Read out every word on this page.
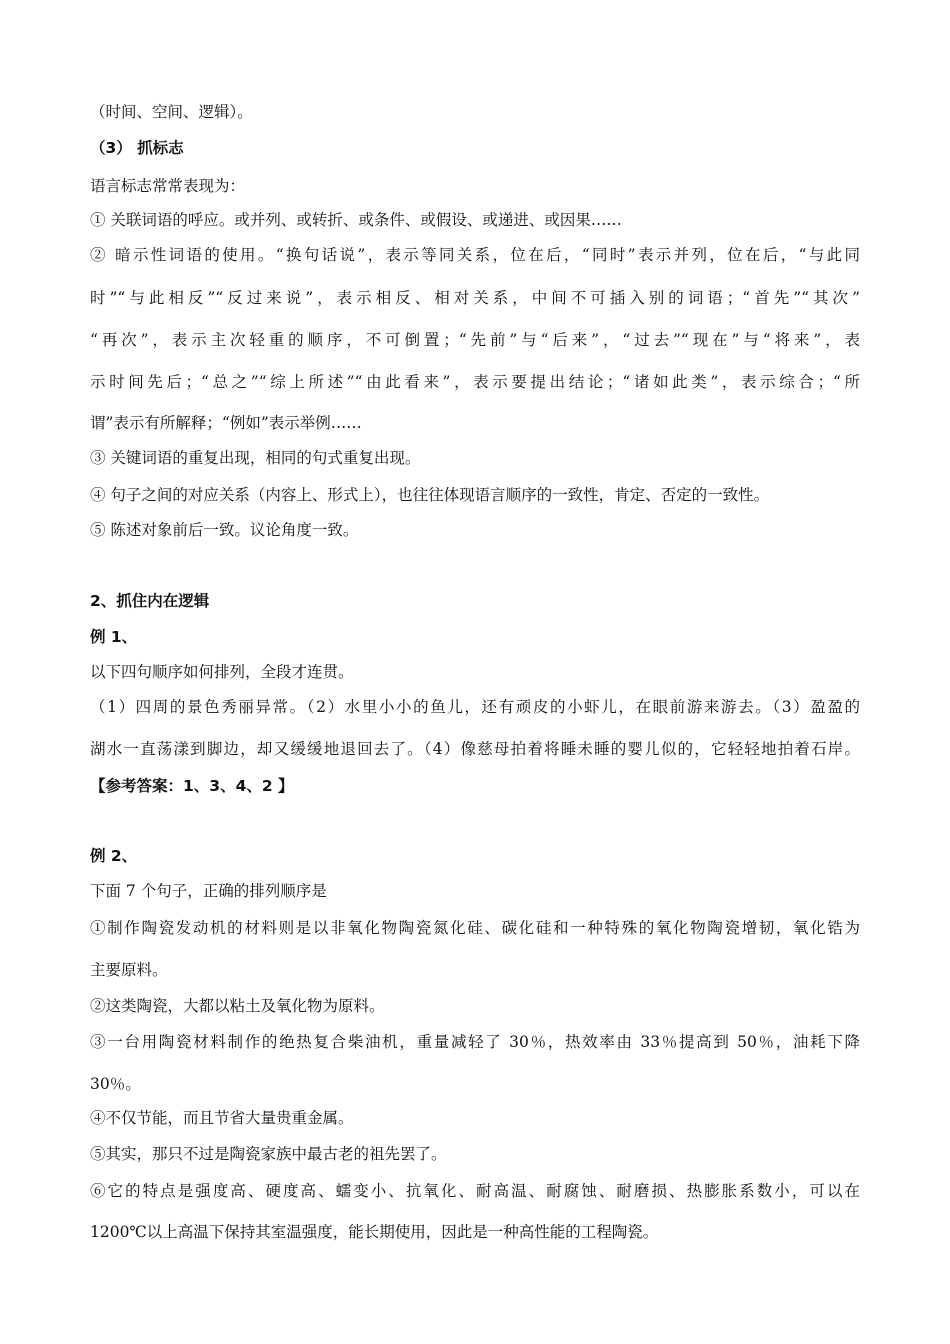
（时间、空间、逻辑）。
（3） 抓标志
语言标志常常表现为：
① 关联词语的呼应。或并列、或转折、或条件、或假设、或递进、或因果……
② 暗示性词语的使用。“换句话说”，表示等同关系，位在后，“同时”表示并列，位在后，“与此同
时”“与此相反”“反过来说”，表示相反、相对关系，中间不可插入别的词语；“首先”“其次”
“再次”，表示主次轻重的顺序，不可倒置；“先前”与“后来”，“过去”“现在”与“将来”，表
示时间先后；“总之”“综上所述”“由此看来”，表示要提出结论；“诸如此类”，表示综合；“所
谓”表示有所解释；“例如”表示举例……
③ 关键词语的重复出现，相同的句式重复出现。
④ 句子之间的对应关系（内容上、形式上），也往往体现语言顺序的一致性，肯定、否定的一致性。
⑤ 陈述对象前后一致。议论角度一致。
2、抓住内在逻辑
例 1、
以下四句顺序如何排列，全段才连贯。
（1）四周的景色秀丽异常。（2）水里小小的鱼儿，还有顽皮的小虾儿，在眼前游来游去。（3）盈盈的
湖水一直荡漾到脚边，却又缓缓地退回去了。（4）像慈母拍着将睡未睡的婴儿似的，它轻轻地拍着石岸。
【参考答案：1、3、4、2 】
例 2、
下面 7 个句子，正确的排列顺序是
①制作陶瓷发动机的材料则是以非氧化物陶瓷氮化硅、碳化硅和一种特殊的氧化物陶瓷增韧，氧化锆为
主要原料。
②这类陶瓷，大都以粘土及氧化物为原料。
③一台用陶瓷材料制作的绝热复合柴油机，重量减轻了 30％，热效率由 33％提高到 50％，油耗下降
30％。
④不仅节能，而且节省大量贵重金属。
⑤其实，那只不过是陶瓷家族中最古老的祖先罢了。
⑥它的特点是强度高、硬度高、蠕变小、抗氧化、耐高温、耐腐蚀、耐磨损、热膨胀系数小，可以在
1200℃以上高温下保持其室温强度，能长期使用，因此是一种高性能的工程陶瓷。
